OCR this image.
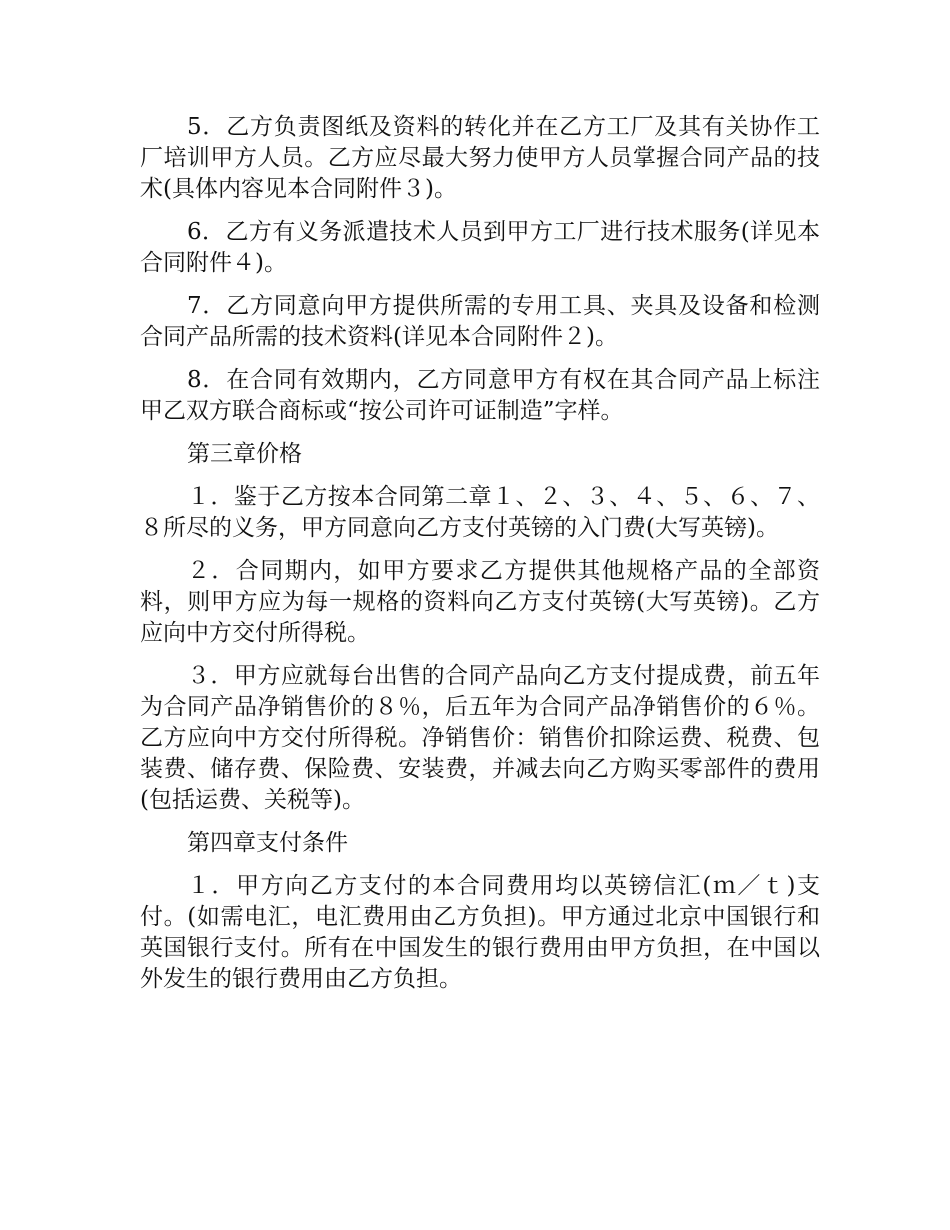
5．乙方负责图纸及资料的转化并在乙方工厂及其有关协作工厂培训甲方人员。乙方应尽最大努力使甲方人员掌握合同产品的技术(具体内容见本合同附件３)。

6．乙方有义务派遣技术人员到甲方工厂进行技术服务(详见本合同附件４)。

7．乙方同意向甲方提供所需的专用工具、夹具及设备和检测合同产品所需的技术资料(详见本合同附件２)。

8．在合同有效期内，乙方同意甲方有权在其合同产品上标注甲乙双方联合商标或“按公司许可证制造”字样。

第三章价格

１．鉴于乙方按本合同第二章１、２、３、４、５、６、７、８所尽的义务，甲方同意向乙方支付英镑的入门费(大写英镑)。

２．合同期内，如甲方要求乙方提供其他规格产品的全部资料，则甲方应为每一规格的资料向乙方支付英镑(大写英镑)。乙方应向中方交付所得税。

３．甲方应就每台出售的合同产品向乙方支付提成费，前五年为合同产品净销售价的８％，后五年为合同产品净销售价的６％。乙方应向中方交付所得税。净销售价：销售价扣除运费、税费、包装费、储存费、保险费、安装费，并减去向乙方购买零部件的费用(包括运费、关税等)。

第四章支付条件

１．甲方向乙方支付的本合同费用均以英镑信汇(ｍ／ｔ)支付。(如需电汇，电汇费用由乙方负担)。甲方通过北京中国银行和英国银行支付。所有在中国发生的银行费用由甲方负担，在中国以外发生的银行费用由乙方负担。
